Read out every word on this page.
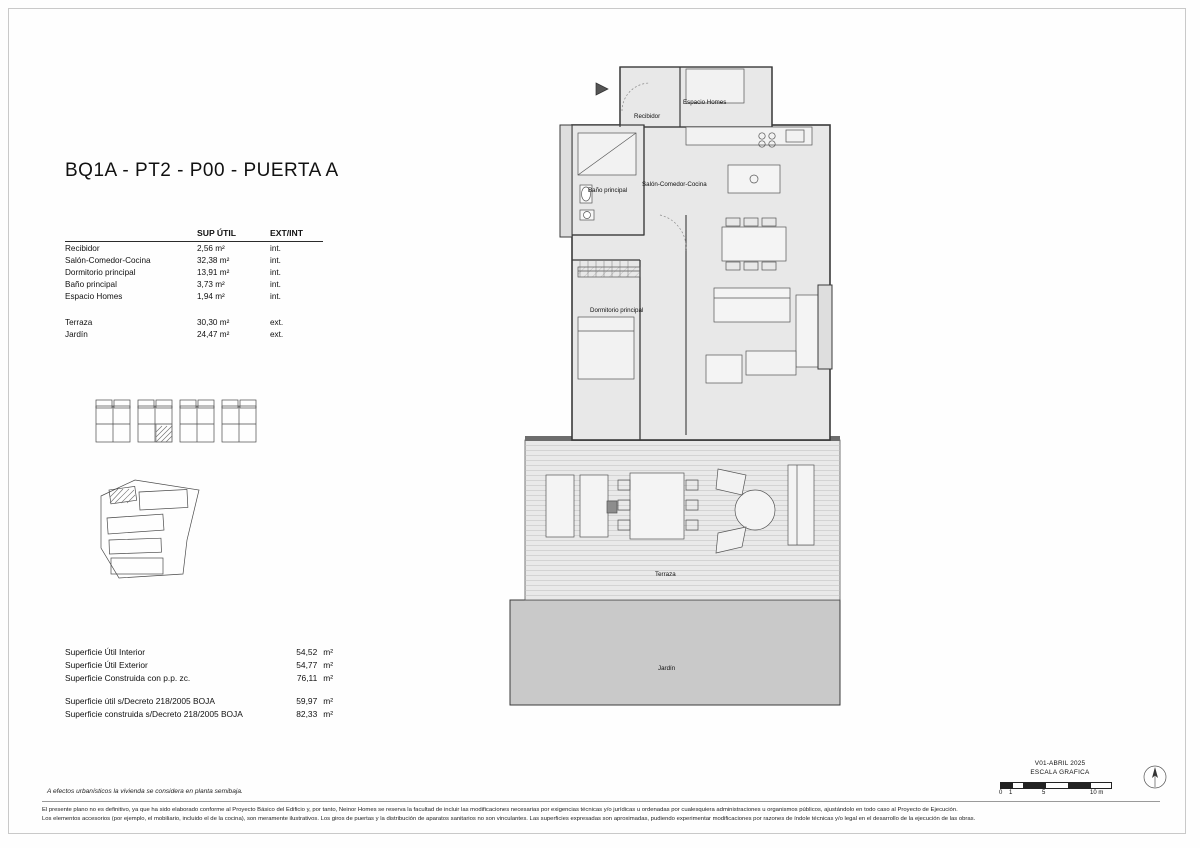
BQ1A - PT2 - P00 - PUERTA A
SUP ÚTIL	EXT/INT
Recibidor	2,56 m²	int.
Salón-Comedor-Cocina	32,38 m²	int.
Dormitorio principal	13,91 m²	int.
Baño principal	3,73 m²	int.
Espacio Homes	1,94 m²	int.
Terraza	30,30 m²	ext.
Jardín	24,47 m²	ext.
Superficie Útil Interior	54,52 m²
Superficie Útil Exterior	54,77 m²
Superficie Construida con p.p. zc.	76,11 m²
Superficie útil s/Decreto 218/2005 BOJA	59,97 m²
Superficie construida s/Decreto 218/2005 BOJA	82,33 m²
A efectos urbanísticos la vivienda se considera en planta semibaja.
El presente plano no es definitivo, ya que ha sido elaborado conforme al Proyecto Básico del Edificio y, por tanto, Neinor Homes se reserva la facultad de incluir las modificaciones necesarias por exigencias técnicas y/o jurídicas u ordenadas por cualesquiera administraciones u organismos públicos, ajustándolo en todo caso al Proyecto de Ejecución.
Los elementos accesorios (por ejemplo, el mobiliario, incluido el de la cocina), son meramente ilustrativos. Los giros de puertas y la distribución de aparatos sanitarios no son vinculantes. Las superficies expresadas son aproximadas, pudiendo experimentar modificaciones por razones de índole técnicas y/o legal en el desarrollo de la ejecución de las obras.
V01-ABRIL 2025
ESCALA GRAFICA
0 1	5	10 m
Recibidor
Espacio Homes
Salón-Comedor-Cocina
Baño principal
Dormitorio principal
Terraza
Jardín
